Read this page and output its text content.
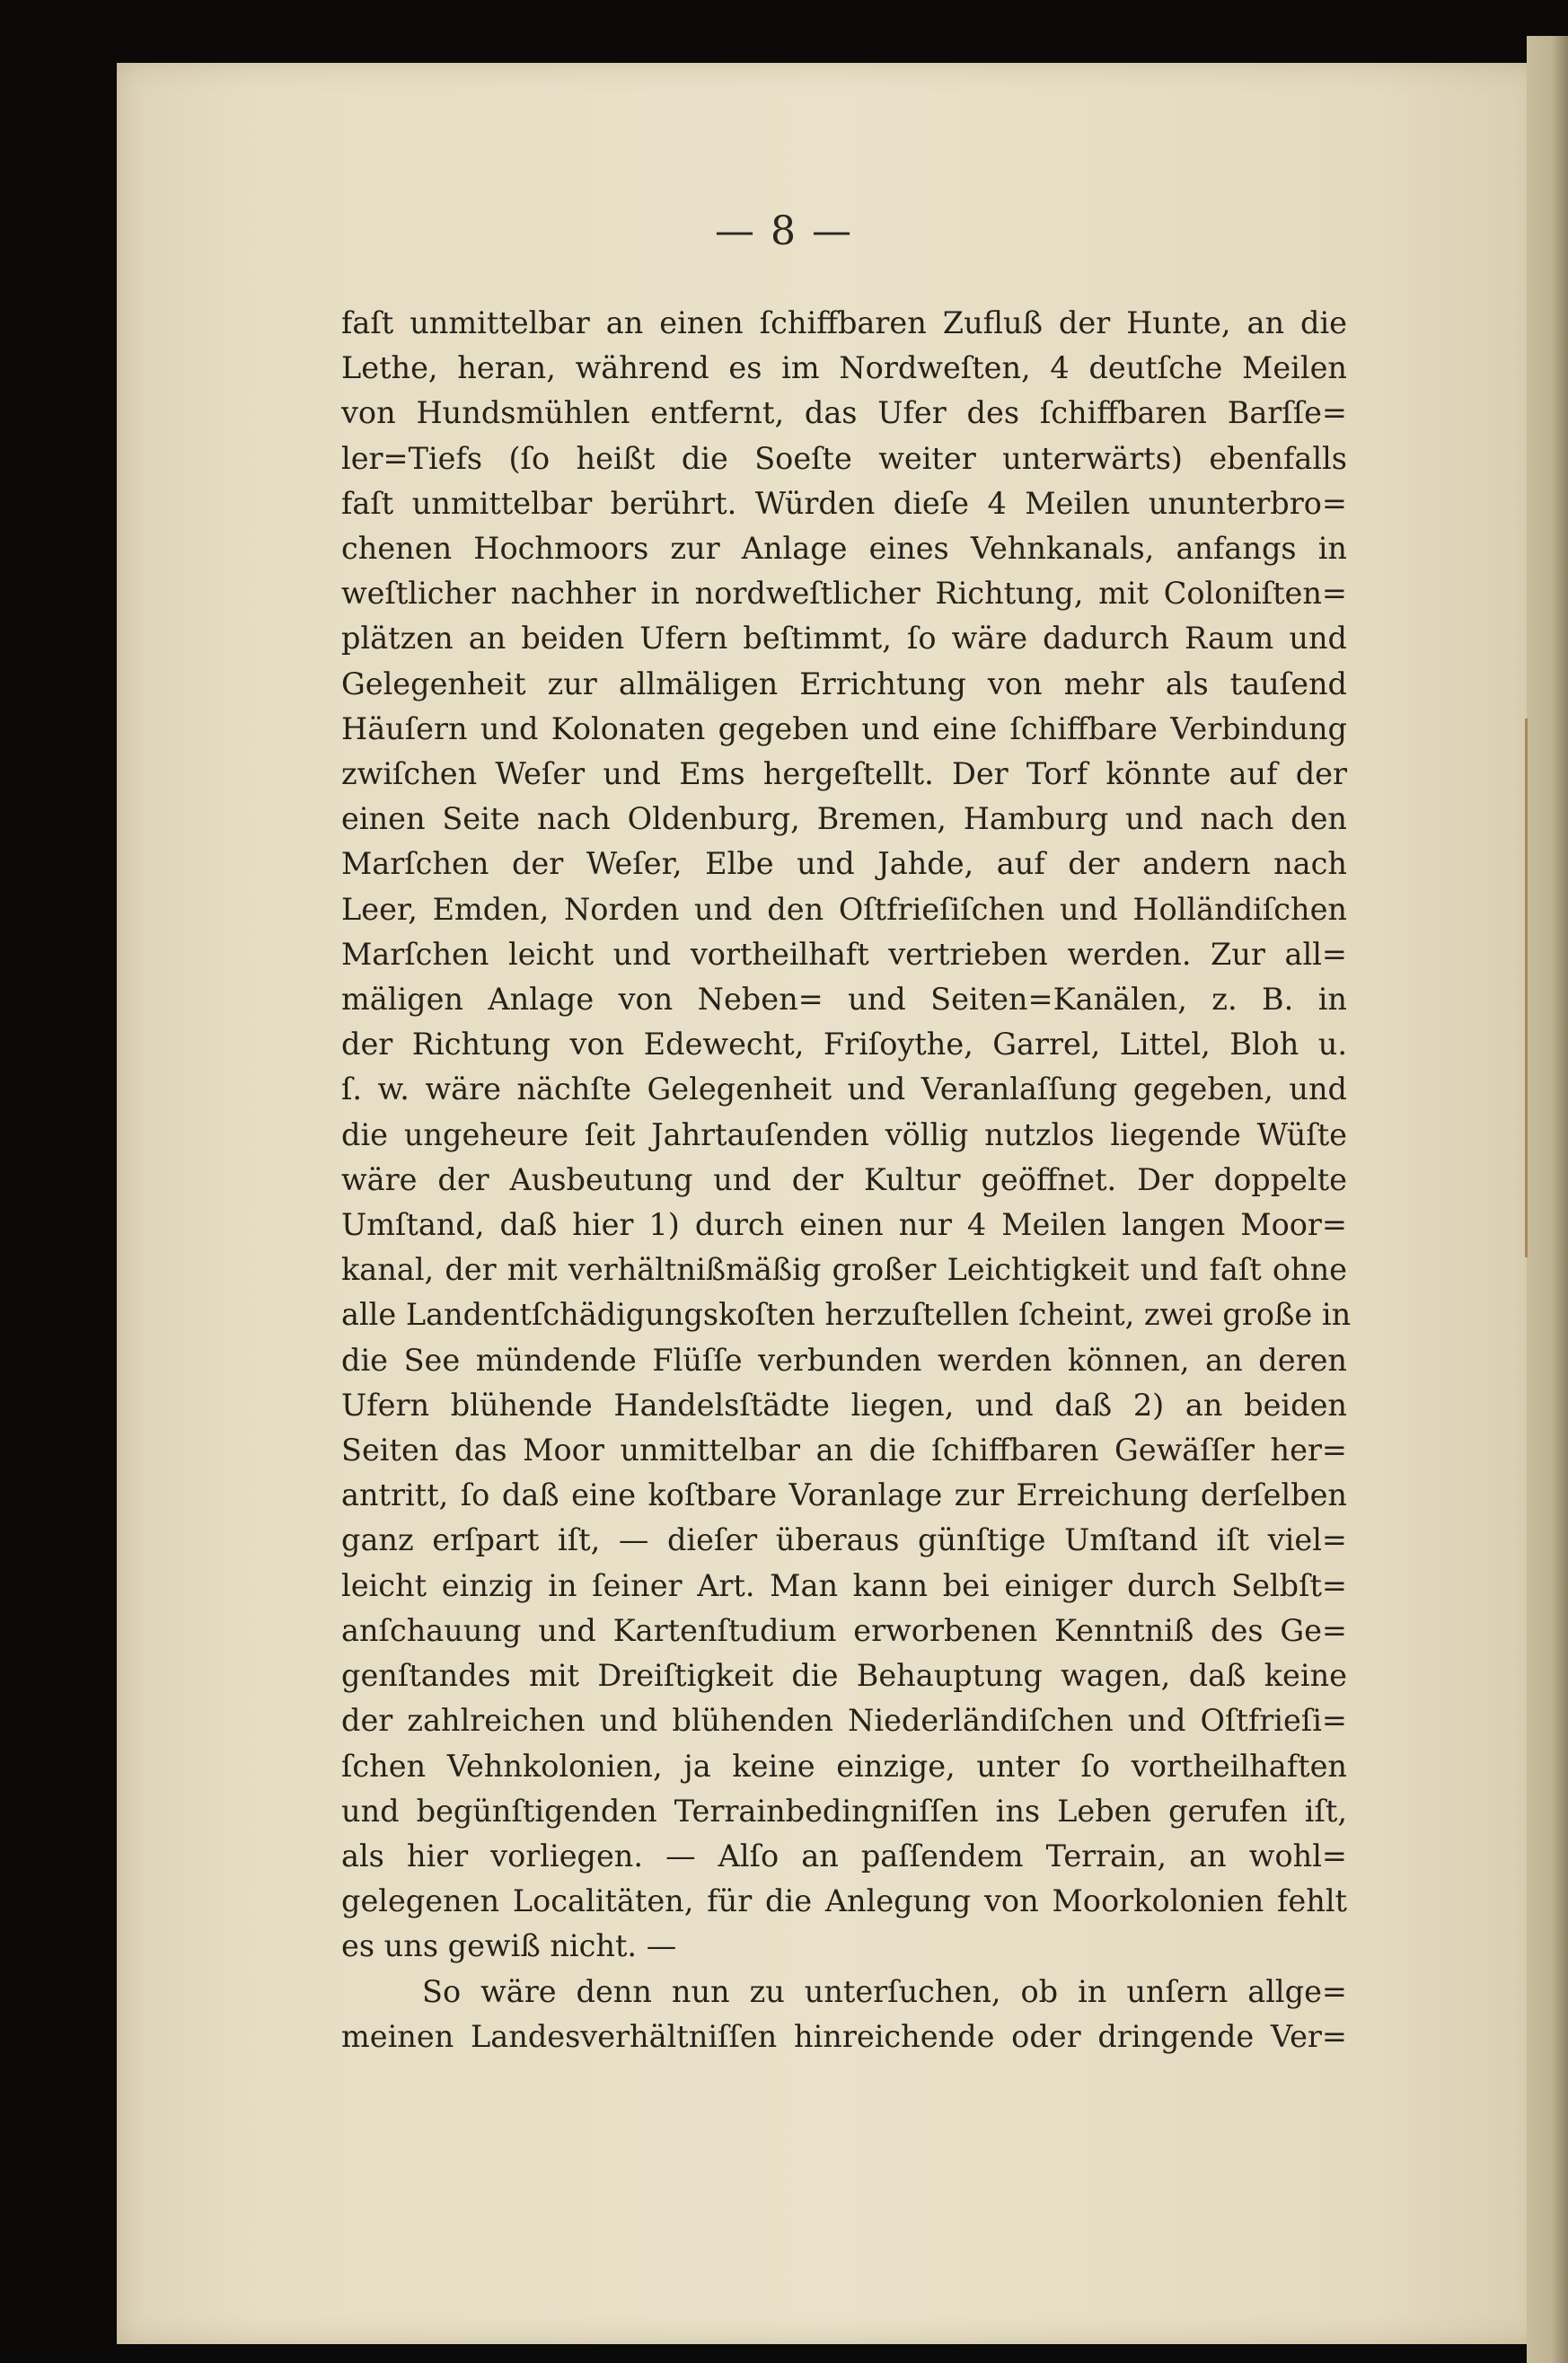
— 8 —
faſt unmittelbar an einen ſchiffbaren Zufluß der Hunte, an die
Lethe, heran, während es im Nordweſten, 4 deutſche Meilen
von Hundsmühlen entfernt, das Ufer des ſchiffbaren Barſſe=
ler=Tiefs (ſo heißt die Soeſte weiter unterwärts) ebenfalls
faſt unmittelbar berührt. Würden dieſe 4 Meilen ununterbro=
chenen Hochmoors zur Anlage eines Vehnkanals, anfangs in
weſtlicher nachher in nordweſtlicher Richtung, mit Coloniſten=
plätzen an beiden Ufern beſtimmt, ſo wäre dadurch Raum und
Gelegenheit zur allmäligen Errichtung von mehr als tauſend
Häuſern und Kolonaten gegeben und eine ſchiffbare Verbindung
zwiſchen Weſer und Ems hergeſtellt. Der Torf könnte auf der
einen Seite nach Oldenburg, Bremen, Hamburg und nach den
Marſchen der Weſer, Elbe und Jahde, auf der andern nach
Leer, Emden, Norden und den Oſtfrieſiſchen und Holländiſchen
Marſchen leicht und vortheilhaft vertrieben werden. Zur all=
mäligen Anlage von Neben= und Seiten=Kanälen, z. B. in
der Richtung von Edewecht, Friſoythe, Garrel, Littel, Bloh u.
ſ. w. wäre nächſte Gelegenheit und Veranlaſſung gegeben, und
die ungeheure ſeit Jahrtauſenden völlig nutzlos liegende Wüſte
wäre der Ausbeutung und der Kultur geöffnet. Der doppelte
Umſtand, daß hier 1) durch einen nur 4 Meilen langen Moor=
kanal, der mit verhältnißmäßig großer Leichtigkeit und faſt ohne
alle Landentſchädigungskoſten herzuſtellen ſcheint, zwei große in
die See mündende Flüſſe verbunden werden können, an deren
Ufern blühende Handelsſtädte liegen, und daß 2) an beiden
Seiten das Moor unmittelbar an die ſchiffbaren Gewäſſer her=
antritt, ſo daß eine koſtbare Voranlage zur Erreichung derſelben
ganz erſpart iſt, — dieſer überaus günſtige Umſtand iſt viel=
leicht einzig in ſeiner Art. Man kann bei einiger durch Selbſt=
anſchauung und Kartenſtudium erworbenen Kenntniß des Ge=
genſtandes mit Dreiſtigkeit die Behauptung wagen, daß keine
der zahlreichen und blühenden Niederländiſchen und Oſtfrieſi=
ſchen Vehnkolonien, ja keine einzige, unter ſo vortheilhaften
und begünſtigenden Terrainbedingniſſen ins Leben gerufen iſt,
als hier vorliegen. — Alſo an paſſendem Terrain, an wohl=
gelegenen Localitäten, für die Anlegung von Moorkolonien fehlt
es uns gewiß nicht. —
So wäre denn nun zu unterſuchen, ob in unſern allge=
meinen Landesverhältniſſen hinreichende oder dringende Ver=
